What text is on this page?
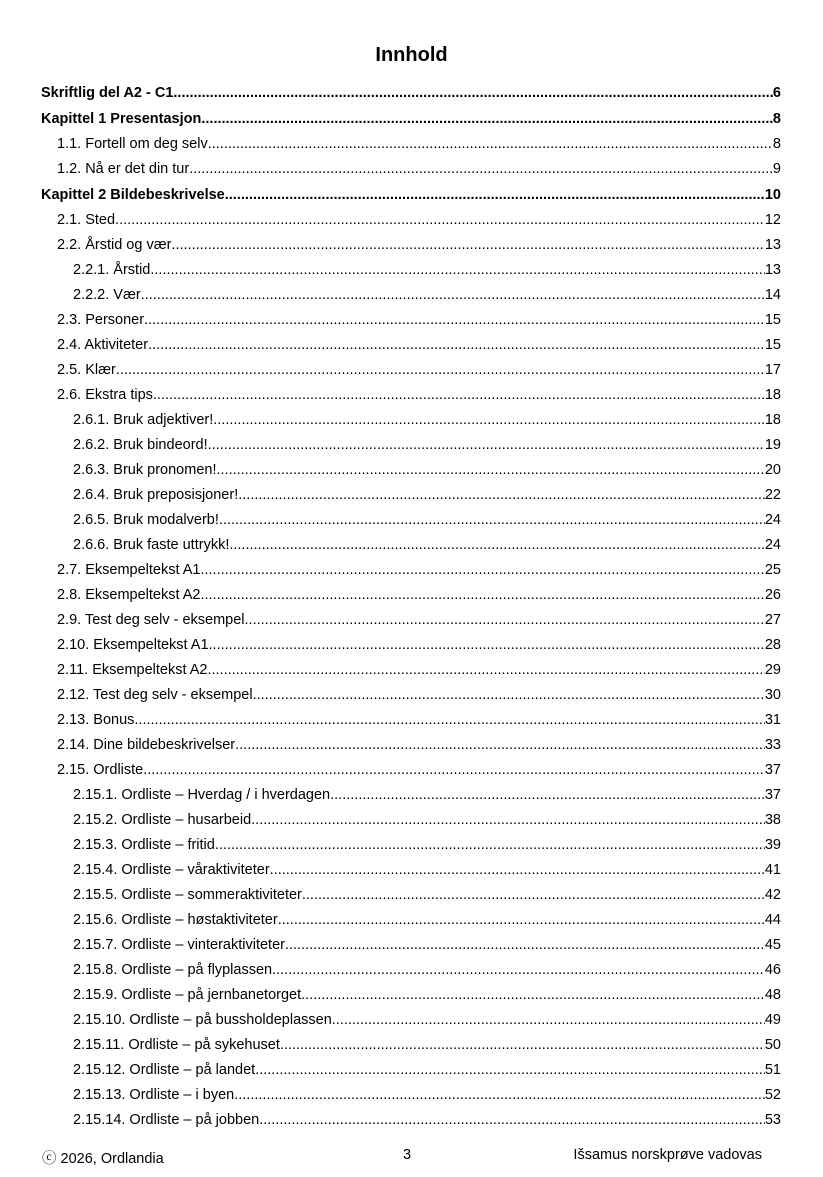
Innhold
Skriftlig del A2 - C1 .....	6
Kapittel 1 Presentasjon .....	8
1.1. Fortell om deg selv .....	8
1.2. Nå er det din tur .....	9
Kapittel 2 Bildebeskrivelse .....	10
2.1. Sted .....	12
2.2. Årstid og vær .....	13
2.2.1. Årstid .....	13
2.2.2. Vær .....	14
2.3. Personer .....	15
2.4. Aktiviteter .....	15
2.5. Klær .....	17
2.6. Ekstra tips .....	18
2.6.1. Bruk adjektiver! .....	18
2.6.2. Bruk bindeord! .....	19
2.6.3. Bruk pronomen! .....	20
2.6.4. Bruk preposisjoner! .....	22
2.6.5. Bruk modalverb! .....	24
2.6.6. Bruk faste uttrykk! .....	24
2.7. Eksempeltekst A1 .....	25
2.8. Eksempeltekst A2 .....	26
2.9. Test deg selv - eksempel .....	27
2.10. Eksempeltekst A1 .....	28
2.11. Eksempeltekst A2 .....	29
2.12. Test deg selv - eksempel .....	30
2.13. Bonus .....	31
2.14. Dine bildebeskrivelser .....	33
2.15. Ordliste .....	37
2.15.1. Ordliste – Hverdag / i hverdagen .....	37
2.15.2. Ordliste – husarbeid .....	38
2.15.3. Ordliste – fritid .....	39
2.15.4. Ordliste – våraktiviteter .....	41
2.15.5. Ordliste – sommeraktiviteter .....	42
2.15.6. Ordliste – høstaktiviteter .....	44
2.15.7. Ordliste – vinteraktiviteter .....	45
2.15.8. Ordliste – på flyplassen .....	46
2.15.9. Ordliste – på jernbanetorget .....	48
2.15.10. Ordliste – på bussholdeplassen .....	49
2.15.11. Ordliste – på sykehuset .....	50
2.15.12. Ordliste – på landet .....	51
2.15.13. Ordliste – i byen .....	52
2.15.14. Ordliste – på jobben .....	53
ⓒ 2026, Ordlandia	3	Išsamus norskprøve vadovas
